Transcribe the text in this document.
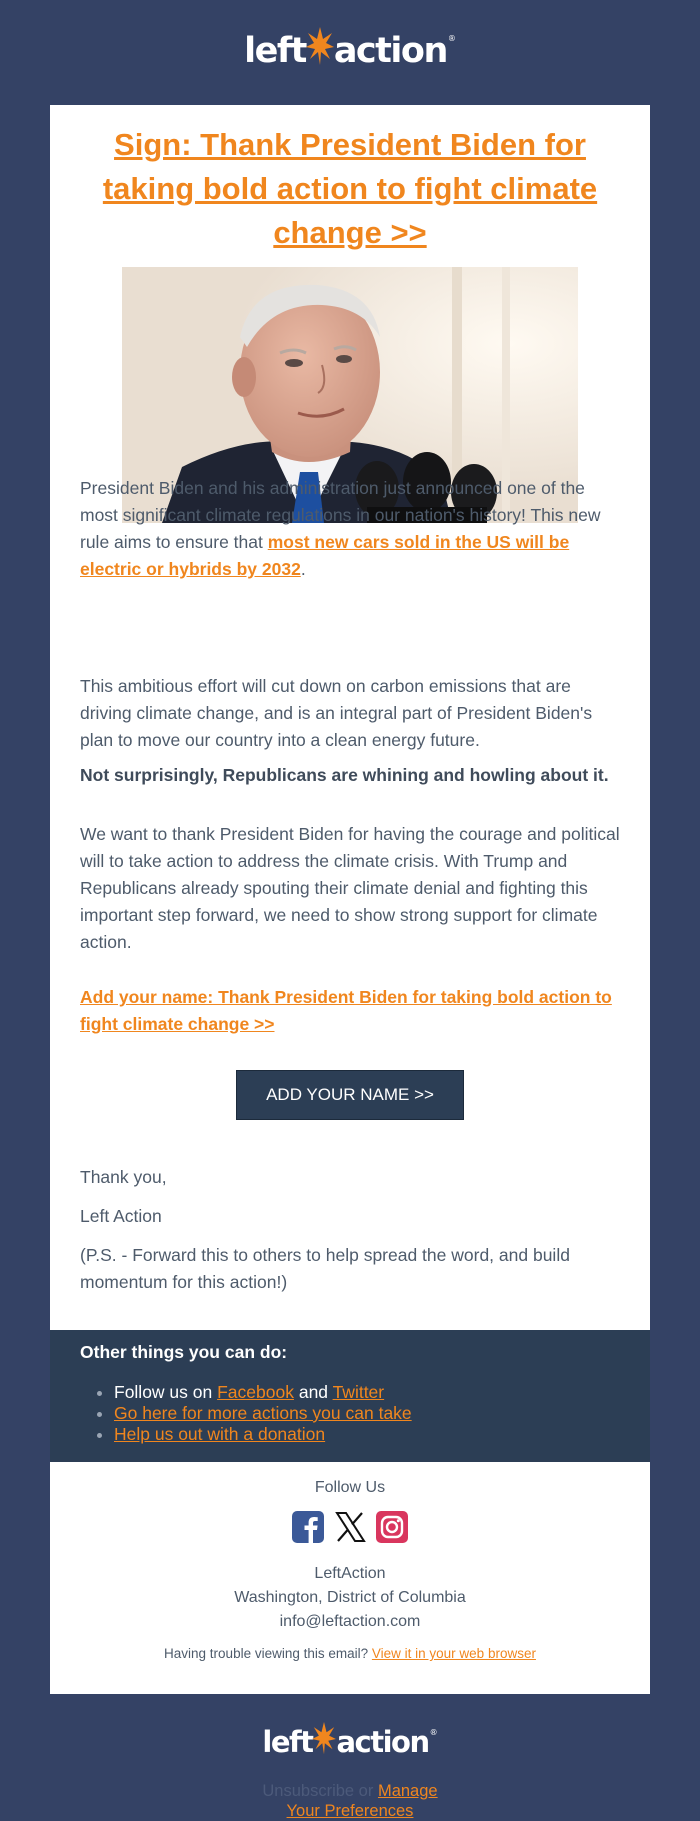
left action ®
Sign: Thank President Biden for taking bold action to fight climate change >>

President Biden and his administration just announced one of the most significant climate regulations in our nation's history! This new rule aims to ensure that most new cars sold in the US will be electric or hybrids by 2032.

This ambitious effort will cut down on carbon emissions that are driving climate change, and is an integral part of President Biden's plan to move our country into a clean energy future.

Not surprisingly, Republicans are whining and howling about it.

We want to thank President Biden for having the courage and political will to take action to address the climate crisis. With Trump and Republicans already spouting their climate denial and fighting this important step forward, we need to show strong support for climate action.

Add your name: Thank President Biden for taking bold action to fight climate change >>

ADD YOUR NAME >>

Thank you,

Left Action

(P.S. - Forward this to others to help spread the word, and build momentum for this action!)

Other things you can do:
• Follow us on Facebook and Twitter
• Go here for more actions you can take
• Help us out with a donation
Follow Us
LeftAction
Washington, District of Columbia
info@leftaction.com
Having trouble viewing this email? View it in your web browser
left action ®
Unsubscribe or Manage
Your Preferences
